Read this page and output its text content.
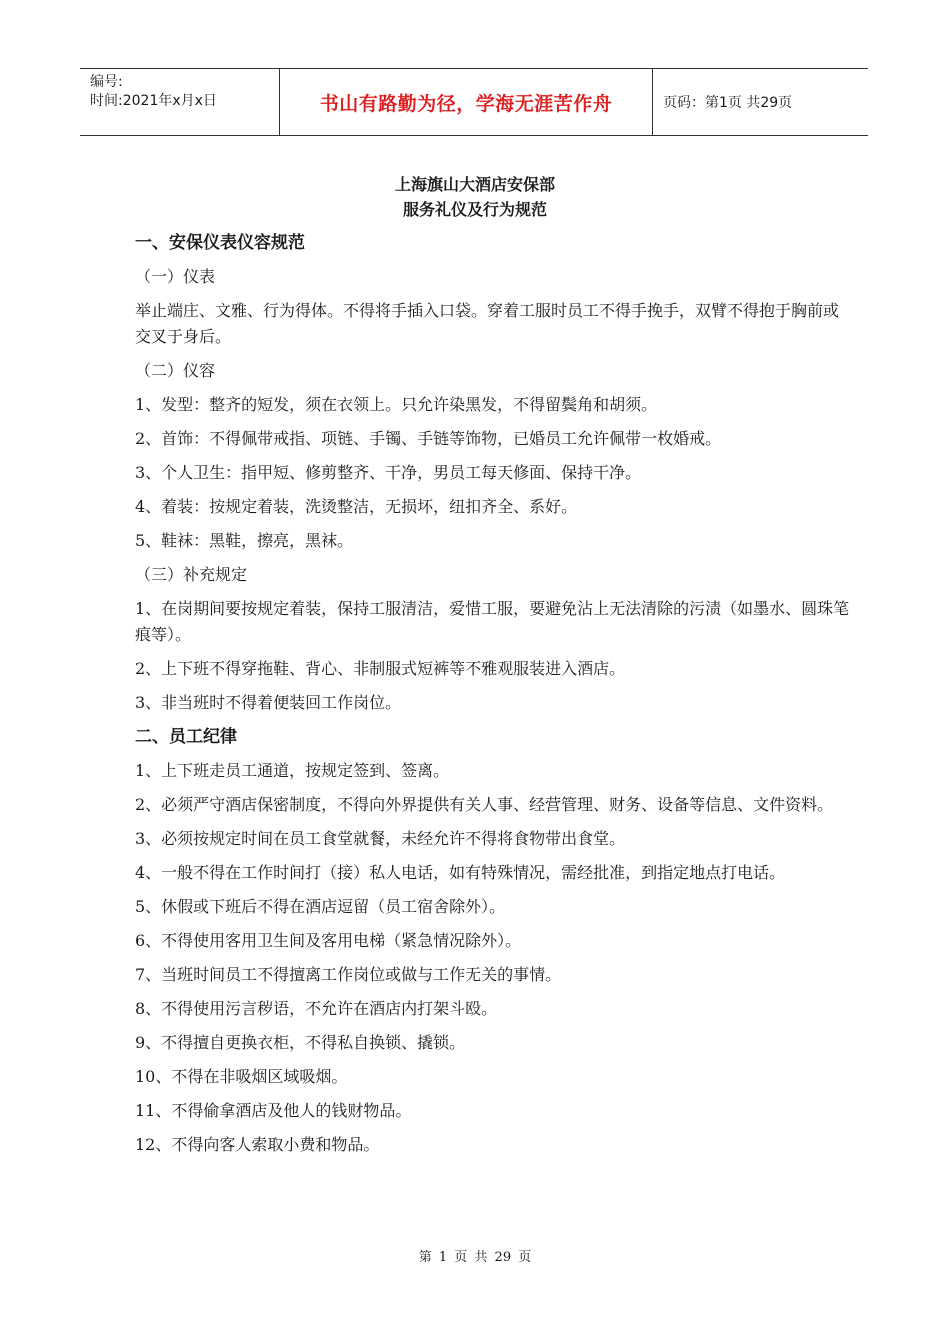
编号:
时间:2021年x月x日	书山有路勤为径，学海无涯苦作舟	页码：第1页 共29页
上海旗山大酒店安保部
服务礼仪及行为规范

一、安保仪表仪容规范

（一）仪表

举止端庄、文雅、行为得体。不得将手插入口袋。穿着工服时员工不得手挽手，双臂不得抱于胸前或交叉于身后。

（二）仪容

1、发型：整齐的短发，须在衣领上。只允许染黑发，不得留鬓角和胡须。

2、首饰：不得佩带戒指、项链、手镯、手链等饰物，已婚员工允许佩带一枚婚戒。

3、个人卫生：指甲短、修剪整齐、干净，男员工每天修面、保持干净。

4、着装：按规定着装，洗烫整洁，无损坏，纽扣齐全、系好。

5、鞋袜：黑鞋，擦亮，黑袜。

（三）补充规定

1、在岗期间要按规定着装，保持工服清洁，爱惜工服，要避免沾上无法清除的污渍（如墨水、圆珠笔痕等）。

2、上下班不得穿拖鞋、背心、非制服式短裤等不雅观服装进入酒店。

3、非当班时不得着便装回工作岗位。

二、员工纪律

1、上下班走员工通道，按规定签到、签离。

2、必须严守酒店保密制度，不得向外界提供有关人事、经营管理、财务、设备等信息、文件资料。

3、必须按规定时间在员工食堂就餐，未经允许不得将食物带出食堂。

4、一般不得在工作时间打（接）私人电话，如有特殊情况，需经批准，到指定地点打电话。

5、休假或下班后不得在酒店逗留（员工宿舍除外）。

6、不得使用客用卫生间及客用电梯（紧急情况除外）。

7、当班时间员工不得擅离工作岗位或做与工作无关的事情。

8、不得使用污言秽语，不允许在酒店内打架斗殴。

9、不得擅自更换衣柜，不得私自换锁、撬锁。

10、不得在非吸烟区域吸烟。

11、不得偷拿酒店及他人的钱财物品。

12、不得向客人索取小费和物品。

第 1 页 共 29 页
